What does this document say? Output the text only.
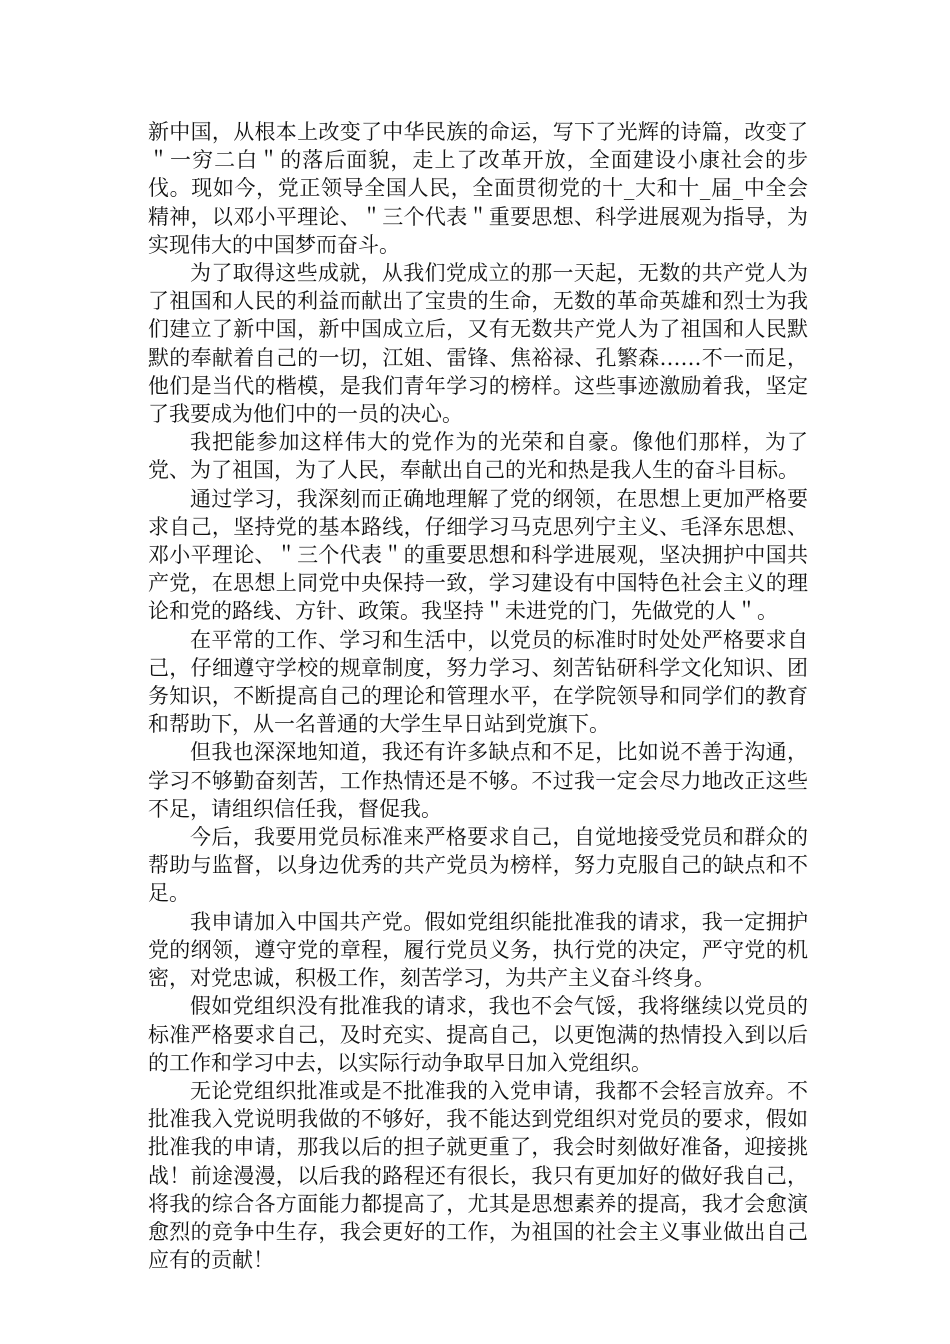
新中国，从根本上改变了中华民族的命运，写下了光辉的诗篇，改变了＂一穷二白＂的落后面貌，走上了改革开放，全面建设小康社会的步伐。现如今，党正领导全国人民，全面贯彻党的十_大和十_届_中全会精神，以邓小平理论、＂三个代表＂重要思想、科学进展观为指导，为实现伟大的中国梦而奋斗。

为了取得这些成就，从我们党成立的那一天起，无数的共产党人为了祖国和人民的利益而献出了宝贵的生命，无数的革命英雄和烈士为我们建立了新中国，新中国成立后，又有无数共产党人为了祖国和人民默默的奉献着自己的一切，江姐、雷锋、焦裕禄、孔繁森……不一而足，他们是当代的楷模，是我们青年学习的榜样。这些事迹激励着我，坚定了我要成为他们中的一员的决心。

我把能参加这样伟大的党作为的光荣和自豪。像他们那样，为了党、为了祖国，为了人民，奉献出自己的光和热是我人生的奋斗目标。

通过学习，我深刻而正确地理解了党的纲领，在思想上更加严格要求自己，坚持党的基本路线，仔细学习马克思列宁主义、毛泽东思想、邓小平理论、＂三个代表＂的重要思想和科学进展观，坚决拥护中国共产党，在思想上同党中央保持一致，学习建设有中国特色社会主义的理论和党的路线、方针、政策。我坚持＂未进党的门，先做党的人＂。

在平常的工作、学习和生活中，以党员的标准时时处处严格要求自己，仔细遵守学校的规章制度，努力学习、刻苦钻研科学文化知识、团务知识，不断提高自己的理论和管理水平，在学院领导和同学们的教育和帮助下，从一名普通的大学生早日站到党旗下。

但我也深深地知道，我还有许多缺点和不足，比如说不善于沟通，学习不够勤奋刻苦，工作热情还是不够。不过我一定会尽力地改正这些不足，请组织信任我，督促我。

今后，我要用党员标准来严格要求自己，自觉地接受党员和群众的帮助与监督，以身边优秀的共产党员为榜样，努力克服自己的缺点和不足。

我申请加入中国共产党。假如党组织能批准我的请求，我一定拥护党的纲领，遵守党的章程，履行党员义务，执行党的决定，严守党的机密，对党忠诚，积极工作，刻苦学习，为共产主义奋斗终身。

假如党组织没有批准我的请求，我也不会气馁，我将继续以党员的标准严格要求自己，及时充实、提高自己，以更饱满的热情投入到以后的工作和学习中去，以实际行动争取早日加入党组织。

无论党组织批准或是不批准我的入党申请，我都不会轻言放弃。不批准我入党说明我做的不够好，我不能达到党组织对党员的要求，假如批准我的申请，那我以后的担子就更重了，我会时刻做好准备，迎接挑战！前途漫漫，以后我的路程还有很长，我只有更加好的做好我自己，将我的综合各方面能力都提高了，尤其是思想素养的提高，我才会愈演愈烈的竞争中生存，我会更好的工作，为祖国的社会主义事业做出自己应有的贡献！
